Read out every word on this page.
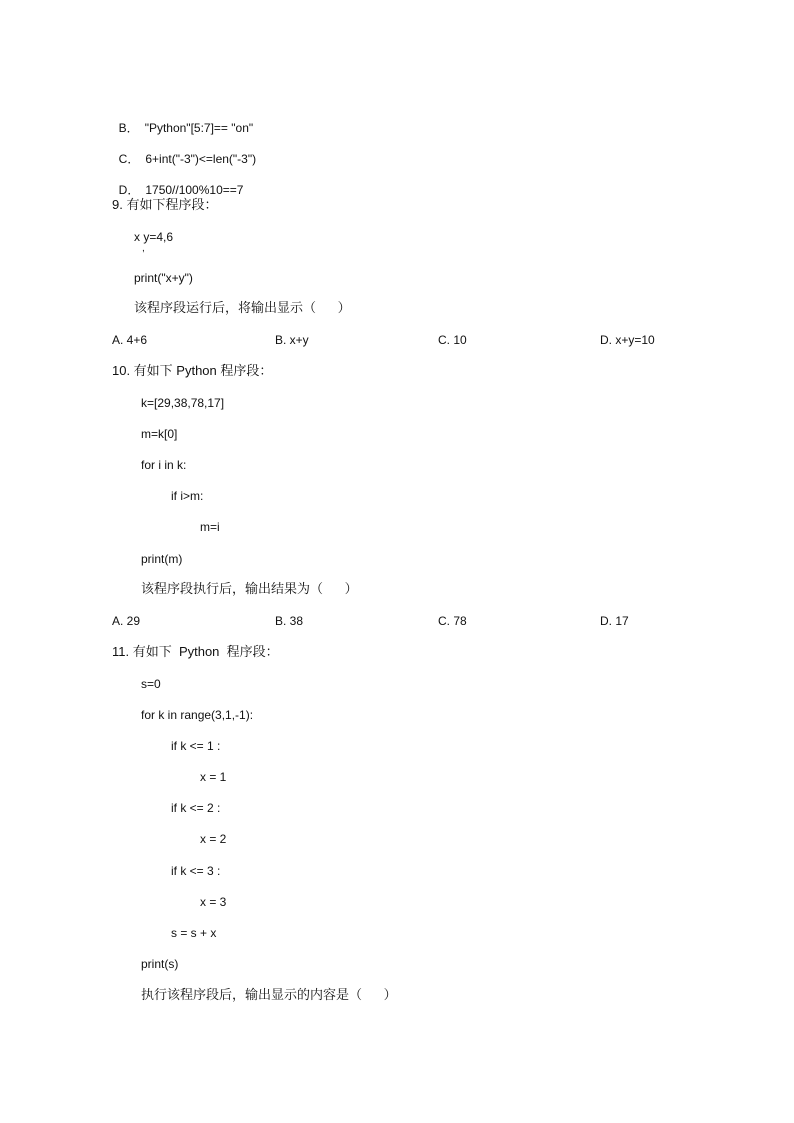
B． "Python"[5:7]== "on"

C． 6+int("-3")<=len("-3")

D． 1750//100%10==7

9. 有如下程序段：
x y=4,6
,
print("x+y")
该程序段运行后，将输出显示（      ）
A. 4+6	B. x+y	C. 10	D. x+y=10
10. 有如下 Python 程序段：
k=[29,38,78,17]
m=k[0]
for i in k:
if i>m:
m=i
print(m)
该程序段执行后，输出结果为（      ）
A. 29	B. 38	C. 78	D. 17
11. 有如下  Python  程序段：
s=0
for k in range(3,1,-1):
if k <= 1 :
x = 1
if k <= 2 :
x = 2
if k <= 3 :
x = 3
s = s + x
print(s)
执行该程序段后，输出显示的内容是（      ）
